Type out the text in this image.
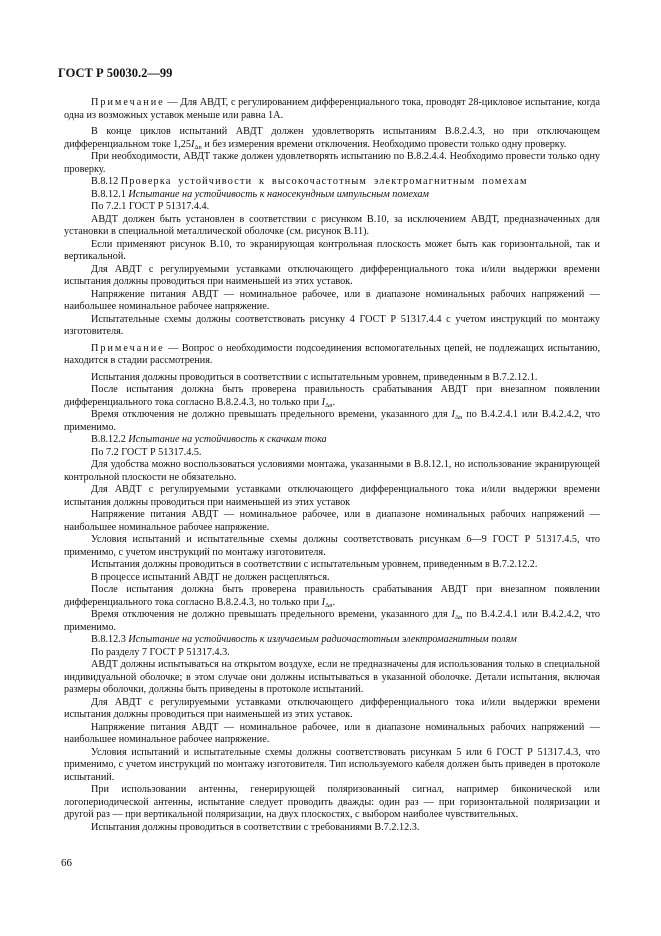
ГОСТ Р 50030.2—99

Примечание — Для АВДТ, с регулированием дифференциального тока, проводят 28-цикловое испытание, когда одна из возможных уставок меньше или равна 1А.

В конце циклов испытаний АВДТ должен удовлетворять испытаниям В.8.2.4.3, но при отключающем дифференциальном токе $1,25I_{\Delta n}$ и без измерения времени отключения. Необходимо провести только одну проверку.

При необходимости, АВДТ также должен удовлетворять испытанию по В.8.2.4.4. Необходимо провести только одну проверку.

В.8.12 Проверка устойчивости к высокочастотным электромагнитным помехам

В.8.12.1 Испытание на устойчивость к наносекундным импульсным помехам

По 7.2.1 ГОСТ Р 51317.4.4.

АВДТ должен быть установлен в соответствии с рисунком В.10, за исключением АВДТ, предназначенных для установки в специальной металлической оболочке (см. рисунок В.11).

Если применяют рисунок В.10, то экранирующая контрольная плоскость может быть как горизонтальной, так и вертикальной.

Для АВДТ с регулируемыми уставками отключающего дифференциального тока и/или выдержки времени испытания должны проводиться при наименьшей из этих уставок.

Напряжение питания АВДТ — номинальное рабочее, или в диапазоне номинальных рабочих напряжений — наибольшее номинальное рабочее напряжение.

Испытательные схемы должны соответствовать рисунку 4 ГОСТ Р 51317.4.4 с учетом инструкций по монтажу изготовителя.

Примечание — Вопрос о необходимости подсоединения вспомогательных цепей, не подлежащих испытанию, находится в стадии рассмотрения.

Испытания должны проводиться в соответствии с испытательным уровнем, приведенным в В.7.2.12.1.

После испытания должна быть проверена правильность срабатывания АВДТ при внезапном появлении дифференциального тока согласно В.8.2.4.3, но только при $I_{\Delta n}$.

Время отключения не должно превышать предельного времени, указанного для $I_{\Delta n}$ по В.4.2.4.1 или В.4.2.4.2, что применимо.

В.8.12.2 Испытание на устойчивость к скачкам тока

По 7.2 ГОСТ Р 51317.4.5.

Для удобства можно воспользоваться условиями монтажа, указанными в В.8.12.1, но использование экранирующей контрольной плоскости не обязательно.

Для АВДТ с регулируемыми уставками отключающего дифференциального тока и/или выдержки времени испытания должны проводиться при наименьшей из этих уставок

Напряжение питания АВДТ — номинальное рабочее, или в диапазоне номинальных рабочих напряжений — наибольшее номинальное рабочее напряжение.

Условия испытаний и испытательные схемы должны соответствовать рисункам 6—9 ГОСТ Р 51317.4.5, что применимо, с учетом инструкций по монтажу изготовителя.

Испытания должны проводиться в соответствии с испытательным уровнем, приведенным в В.7.2.12.2.

В процессе испытаний АВДТ не должен расцепляться.

После испытания должна быть проверена правильность срабатывания АВДТ при внезапном появлении дифференциального тока согласно В.8.2.4.3, но только при $I_{\Delta n}$.

Время отключения не должно превышать предельного времени, указанного для $I_{\Delta n}$ по В.4.2.4.1 или В.4.2.4.2, что применимо.

В.8.12.3 Испытание на устойчивость к излучаемым радиочастотным электромагнитным полям

По разделу 7 ГОСТ Р 51317.4.3.

АВДТ должны испытываться на открытом воздухе, если не предназначены для использования только в специальной индивидуальной оболочке; в этом случае они должны испытываться в указанной оболочке. Детали испытания, включая размеры оболочки, должны быть приведены в протоколе испытаний.

Для АВДТ с регулируемыми уставками отключающего дифференциального тока и/или выдержки времени испытания должны проводиться при наименьшей из этих уставок.

Напряжение питания АВДТ — номинальное рабочее, или в диапазоне номинальных рабочих напряжений — наибольшее номинальное рабочее напряжение.

Условия испытаний и испытательные схемы должны соответствовать рисункам 5 или 6 ГОСТ Р 51317.4.3, что применимо, с учетом инструкций по монтажу изготовителя. Тип используемого кабеля должен быть приведен в протоколе испытаний.

При использовании антенны, генерирующей поляризованный сигнал, например биконической или логопериодической антенны, испытание следует проводить дважды: один раз — при горизонтальной поляризации и другой раз — при вертикальной поляризации, на двух плоскостях, с выбором наиболее чувствительных.

Испытания должны проводиться в соответствии с требованиями В.7.2.12.3.

66
